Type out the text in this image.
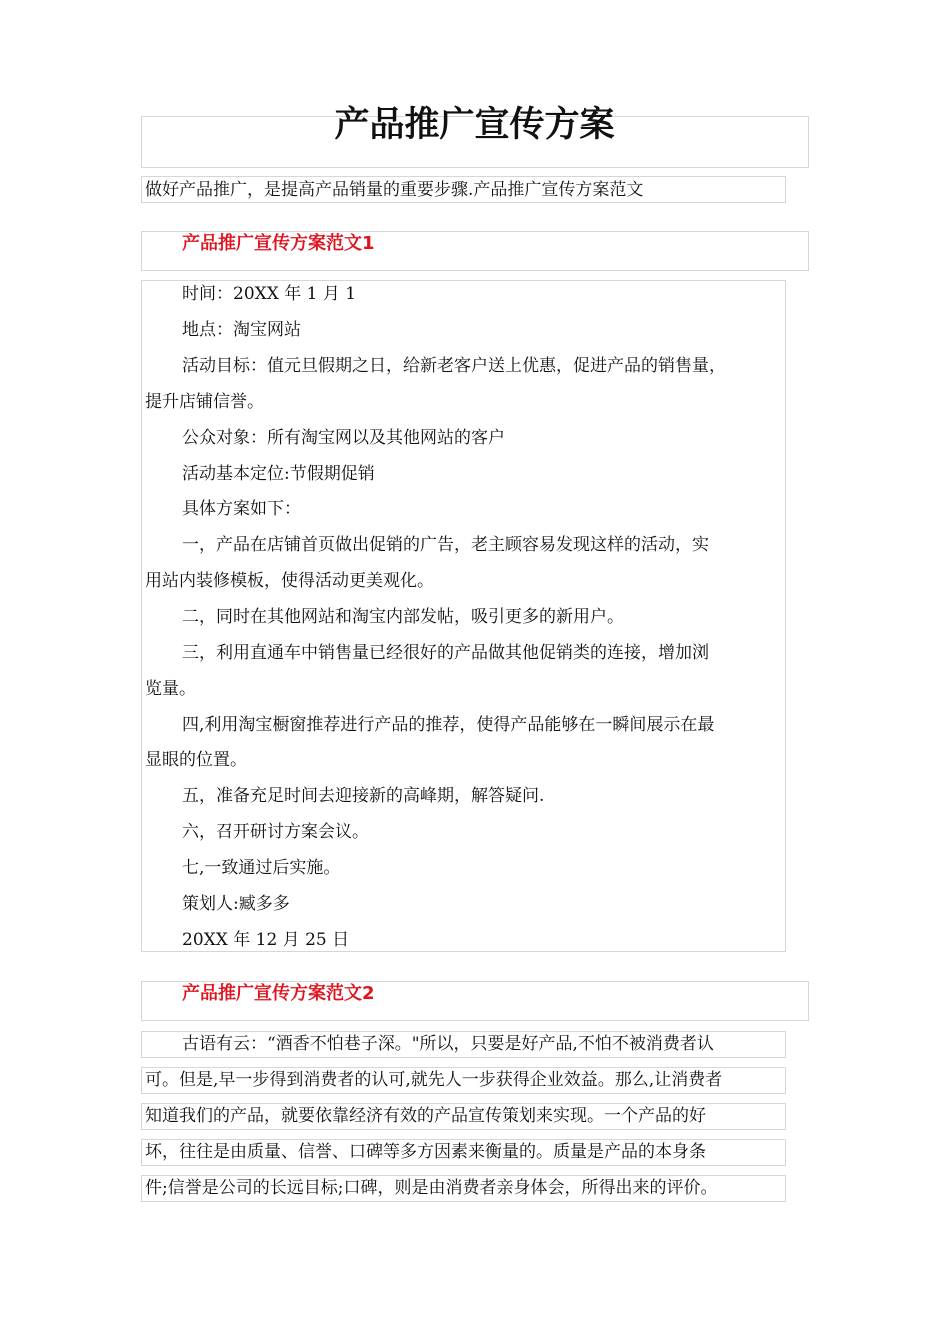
产品推广宣传方案
做好产品推广，是提高产品销量的重要步骤.产品推广宣传方案范文
产品推广宣传方案范文1
时间：20XX 年 1 月 1
地点：淘宝网站
活动目标：值元旦假期之日，给新老客户送上优惠，促进产品的销售量，
提升店铺信誉。
公众对象：所有淘宝网以及其他网站的客户
活动基本定位:节假期促销
具体方案如下：
一，产品在店铺首页做出促销的广告，老主顾容易发现这样的活动，实
用站内装修模板，使得活动更美观化。
二，同时在其他网站和淘宝内部发帖，吸引更多的新用户。
三，利用直通车中销售量已经很好的产品做其他促销类的连接，增加浏
览量。
四,利用淘宝橱窗推荐进行产品的推荐，使得产品能够在一瞬间展示在最
显眼的位置。
五，准备充足时间去迎接新的高峰期，解答疑问.
六，召开研讨方案会议。
七,一致通过后实施。
策划人:臧多多
20XX 年 12 月 25 日
产品推广宣传方案范文2
古语有云：“酒香不怕巷子深。"所以，只要是好产品,不怕不被消费者认
可。但是,早一步得到消费者的认可,就先人一步获得企业效益。那么,让消费者
知道我们的产品，就要依靠经济有效的产品宣传策划来实现。一个产品的好
坏，往往是由质量、信誉、口碑等多方因素来衡量的。质量是产品的本身条
件;信誉是公司的长远目标;口碑，则是由消费者亲身体会，所得出来的评价。
